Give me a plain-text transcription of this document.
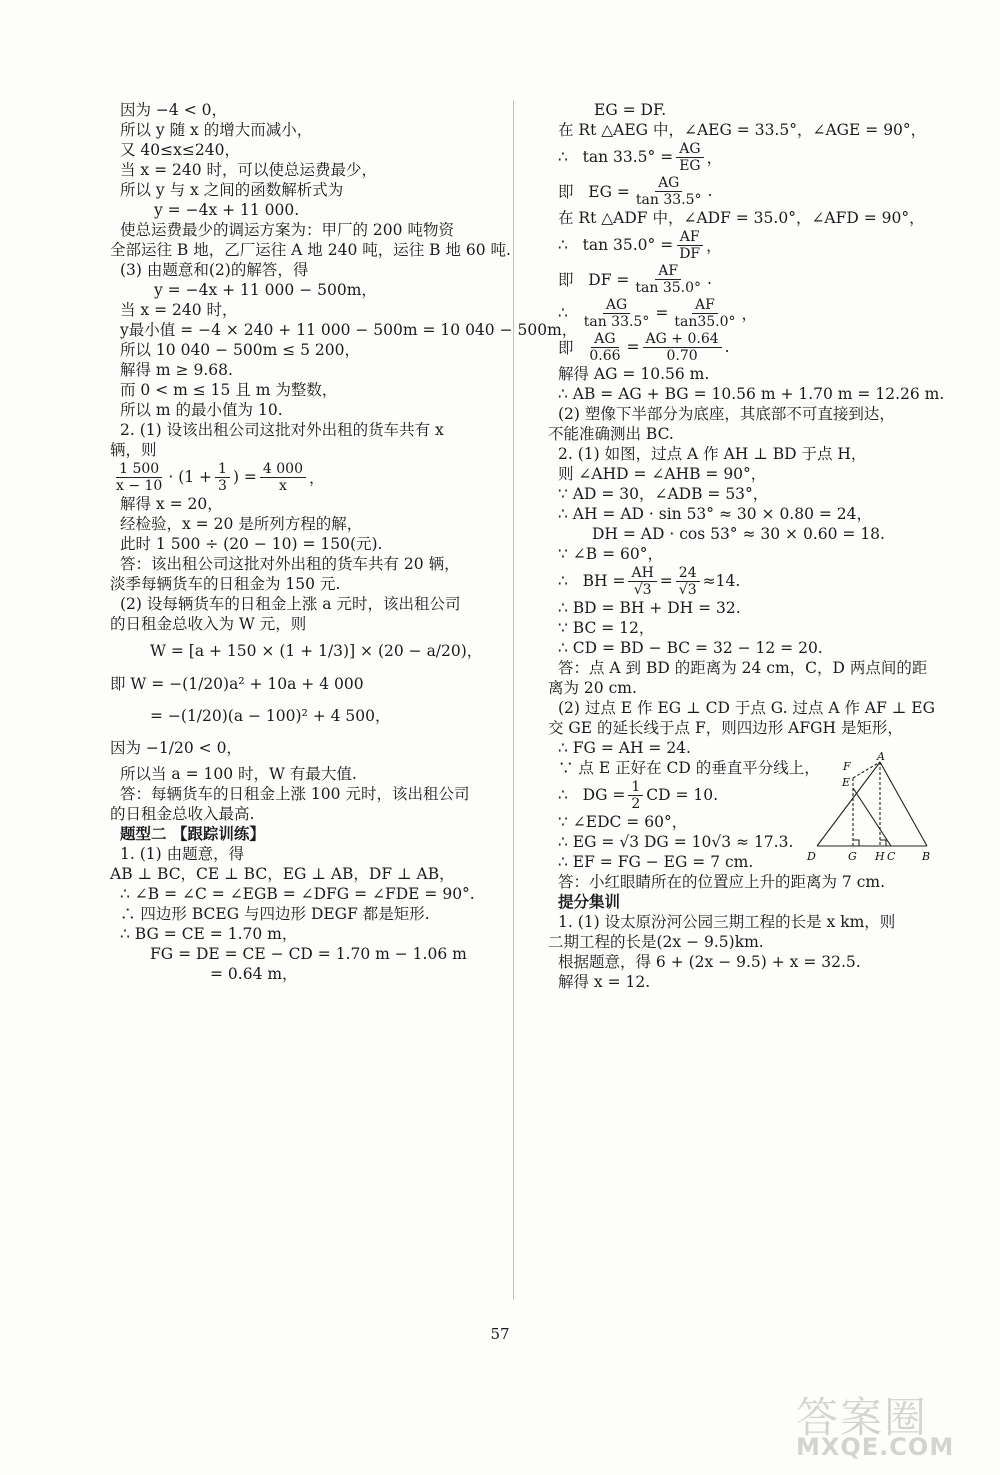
因为 −4 < 0，
所以 y 随 x 的增大而减小，
又 40≤x≤240，
当 x = 240 时，可以使总运费最少，
所以 y 与 x 之间的函数解析式为
y = −4x + 11 000.
使总运费最少的调运方案为：甲厂的 200 吨物资
全部运往 B 地，乙厂运往 A 地 240 吨，运往 B 地 60 吨.
(3) 由题意和(2)的解答，得
y = −4x + 11 000 − 500m，
当 x = 240 时，
y最小值 = −4 × 240 + 11 000 − 500m = 10 040 − 500m，
所以 10 040 − 500m ≤ 5 200，
解得 m ≥ 9.68.
而 0 < m ≤ 15 且 m 为整数，
所以 m 的最小值为 10.
2. (1) 设该出租公司这批对外出租的货车共有 x
辆，则
$\frac{1 500}{x - 10} \cdot (1 + \frac{1}{3}$ ) = $\frac{4 000}{x}$ ，
解得 x = 20，
经检验，x = 20 是所列方程的解，
此时 1 500 ÷ (20 − 10) = 150(元).
答：该出租公司这批对外出租的货车共有 20 辆，
淡季每辆货车的日租金为 150 元.
(2) 设每辆货车的日租金上涨 a 元时，该出租公司
的日租金总收入为 W 元，则
W = [a + 150 × (1 + 1/3)] × (20 − a/20)，
即 W = −(1/20)a² + 10a + 4 000
= −(1/20)(a − 100)² + 4 500，
因为 −1/20 < 0，
所以当 a = 100 时，W 有最大值.
答：每辆货车的日租金上涨 100 元时，该出租公司
的日租金总收入最高.
题型二 【跟踪训练】
1. (1) 由题意，得
AB ⊥ BC，CE ⊥ BC，EG ⊥ AB，DF ⊥ AB，
∴ ∠B = ∠C = ∠EGB = ∠DFG = ∠FDE = 90°.
∴ 四边形 BCEG 与四边形 DEGF 都是矩形.
∴ BG = CE = 1.70 m，
FG = DE = CE − CD = 1.70 m − 1.06 m
= 0.64 m，
EG = DF.
在 Rt △AEG 中，∠AEG = 33.5°，∠AGE = 90°，
∴   $\tan 33.5^\circ = \frac{AG}{EG}$ ，
即   EG = $\frac{AG}{\tan 33.5^\circ}$ .
在 Rt △ADF 中，∠ADF = 35.0°，∠AFD = 90°，
∴   $\tan 35.0^\circ = \frac{AF}{DF}$ ，
即   DF = $\frac{AF}{\tan 35.0^\circ}$ .
∴ $\frac{AG}{\tan 33.5^\circ} = \frac{AF}{\tan 35.0^\circ}$ ，
即 $\frac{AG}{0.66} = \frac{AG + 0.64}{0.70}$ .
解得 AG = 10.56 m.
∴ AB = AG + BG = 10.56 m + 1.70 m = 12.26 m.
(2) 塑像下半部分为底座，其底部不可直接到达，
不能准确测出 BC.
2. (1) 如图，过点 A 作 AH ⊥ BD 于点 H，
则 ∠AHD = ∠AHB = 90°，
∵ AD = 30，∠ADB = 53°，
∴ AH = AD · sin 53° ≈ 30 × 0.80 = 24，
DH = AD · cos 53° ≈ 30 × 0.60 = 18.
∵ ∠B = 60°，
∴   BH = $\frac{AH}{√3} = \frac{24}{√3} \approx 14$.
∴ BD = BH + DH = 32.
∵ BC = 12，
∴ CD = BD − BC = 32 − 12 = 20.
答：点 A 到 BD 的距离为 24 cm，C，D 两点间的距
离为 20 cm.
(2) 过点 E 作 EG ⊥ CD 于点 G. 过点 A 作 AF ⊥ EG
交 GE 的延长线于点 F，则四边形 AFGH 是矩形，
∴ FG = AH = 24.
∵ 点 E 正好在 CD 的垂直平分线上，
∴   DG = $\frac{1}{2}$ CD = 10.
∵ ∠EDC = 60°，
∴ EG = √3 DG = 10√3 ≈ 17.3.
∴ EF = FG − EG = 7 cm.
答：小红眼睛所在的位置应上升的距离为 7 cm.
提分集训
1. (1) 设太原汾河公园三期工程的长是 x km，则
二期工程的长是(2x − 9.5)km.
根据题意，得 6 + (2x − 9.5) + x = 32.5.
解得 x = 12.
F
E
A
D	G H C B
57
答案圈
MXQE.COM
